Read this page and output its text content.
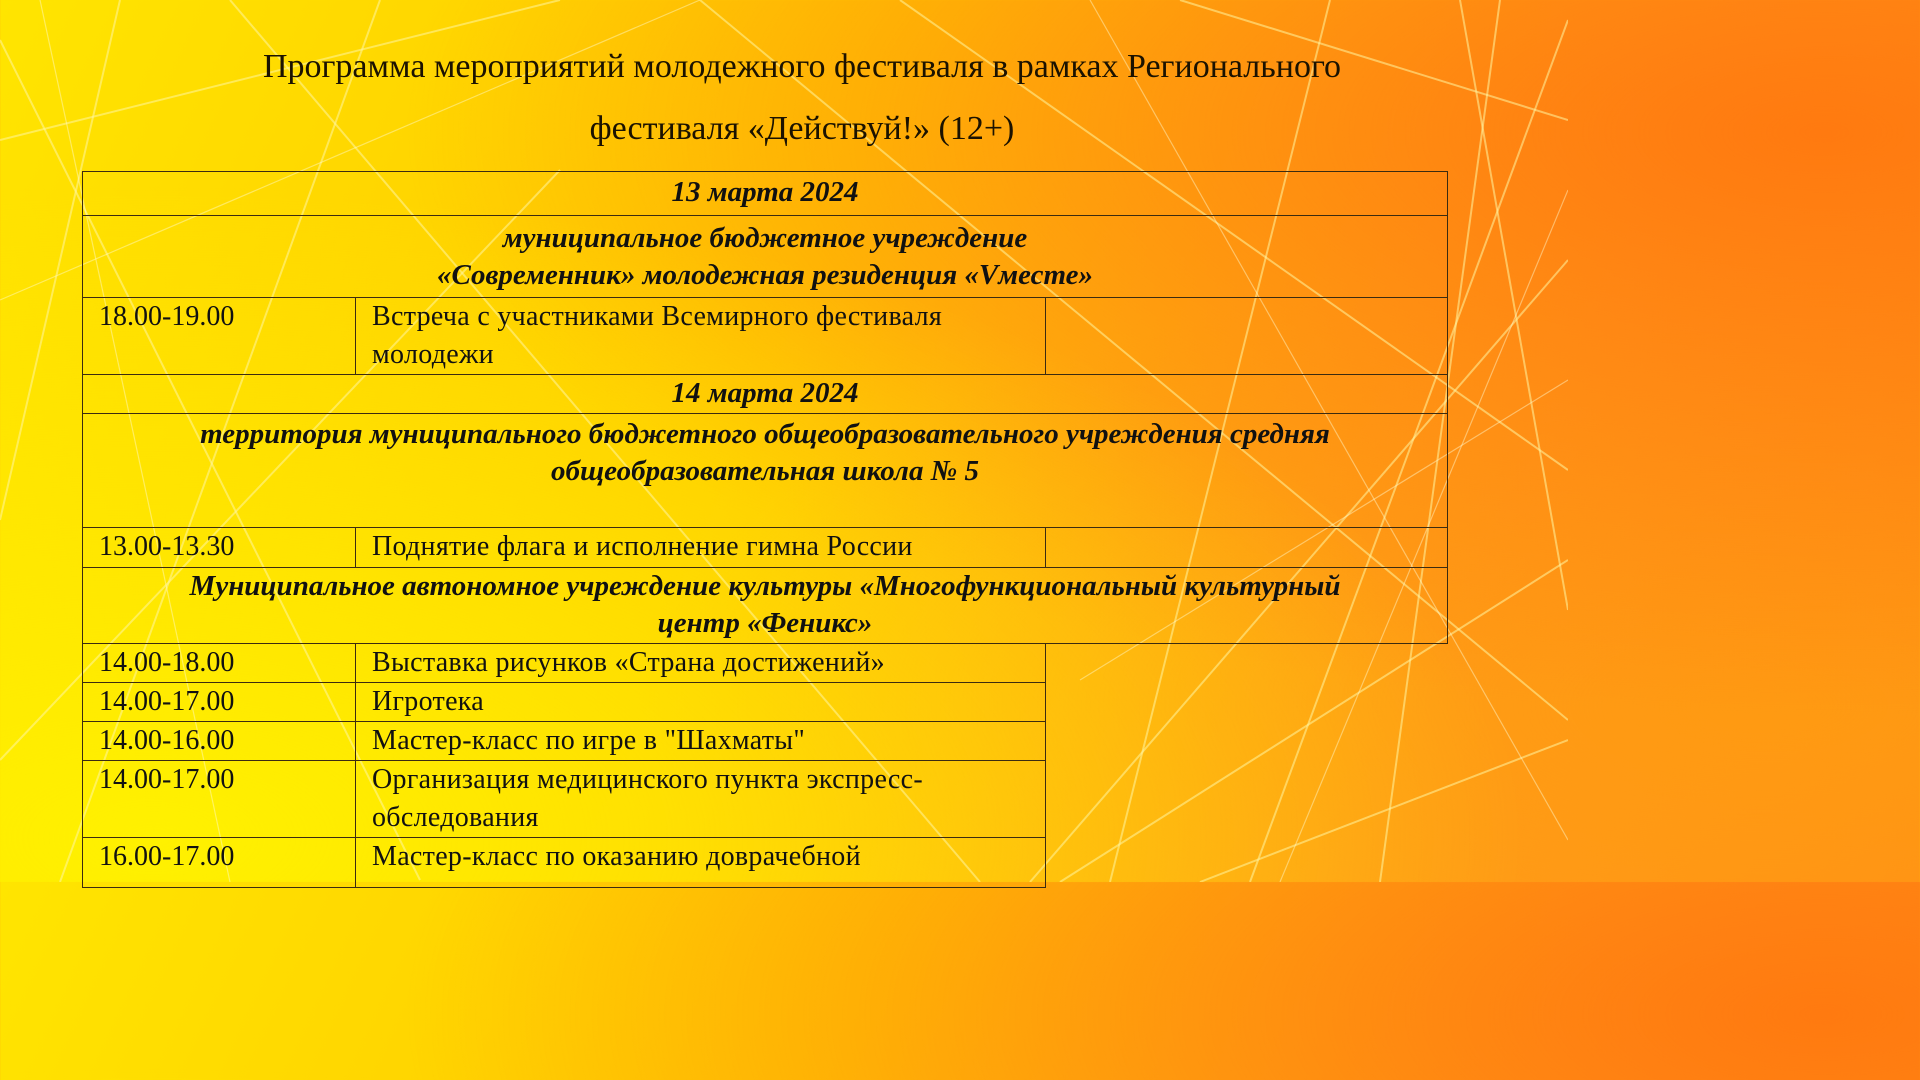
Программа мероприятий молодежного фестиваля в рамках Регионального
фестиваля «Действуй!» (12+)
13 марта 2024		

муниципальное бюджетное учреждение
«Современник» молодежная резиденция «Vместе»		

18.00-19.00	Встреча с участниками Всемирного фестиваля молодежи	
14 марта 2024		

территория муниципального бюджетного общеобразовательного учреждения средняя
общеобразовательная школа № 5		

13.00-13.30	Поднятие флага и исполнение гимна России	

Муниципальное автономное учреждение культуры «Многофункциональный культурный
центр «Феникс»		

14.00-18.00	Выставка рисунков «Страна достижений»	
14.00-17.00	Игротека	
14.00-16.00	Мастер-класс по игре в "Шахматы"	
14.00-17.00	Организация медицинского пункта экспресс-обследования	
16.00-17.00	Мастер-класс по оказанию доврачебной	
